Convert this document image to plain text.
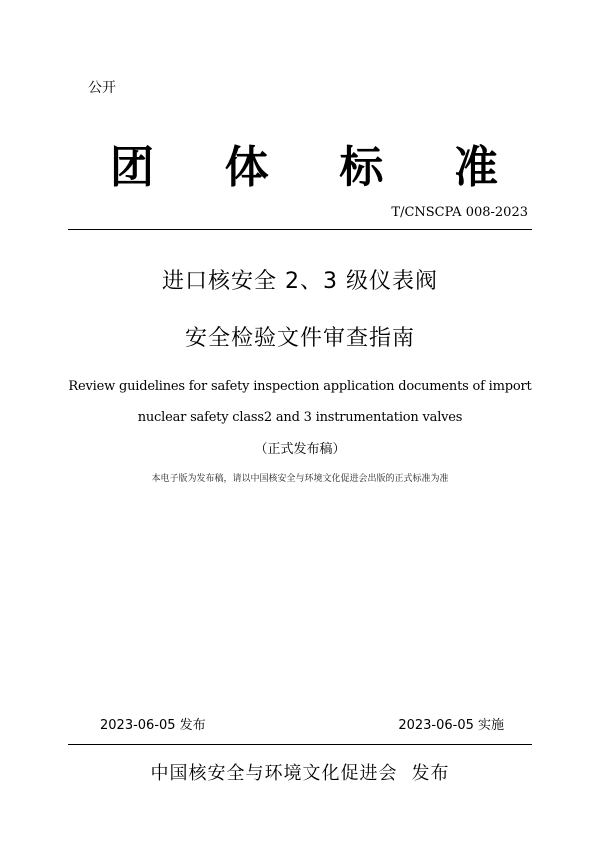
公开
团 体 标 准
T/CNSCPA 008-2023
进口核安全 2、3 级仪表阀
安全检验文件审查指南
Review guidelines for safety inspection application documents of import
nuclear safety class2 and 3 instrumentation valves
（正式发布稿）
本电子版为发布稿，请以中国核安全与环境文化促进会出版的正式标准为准
2023-06-05 发布	2023-06-05 实施
中国核安全与环境文化促进会 发布
